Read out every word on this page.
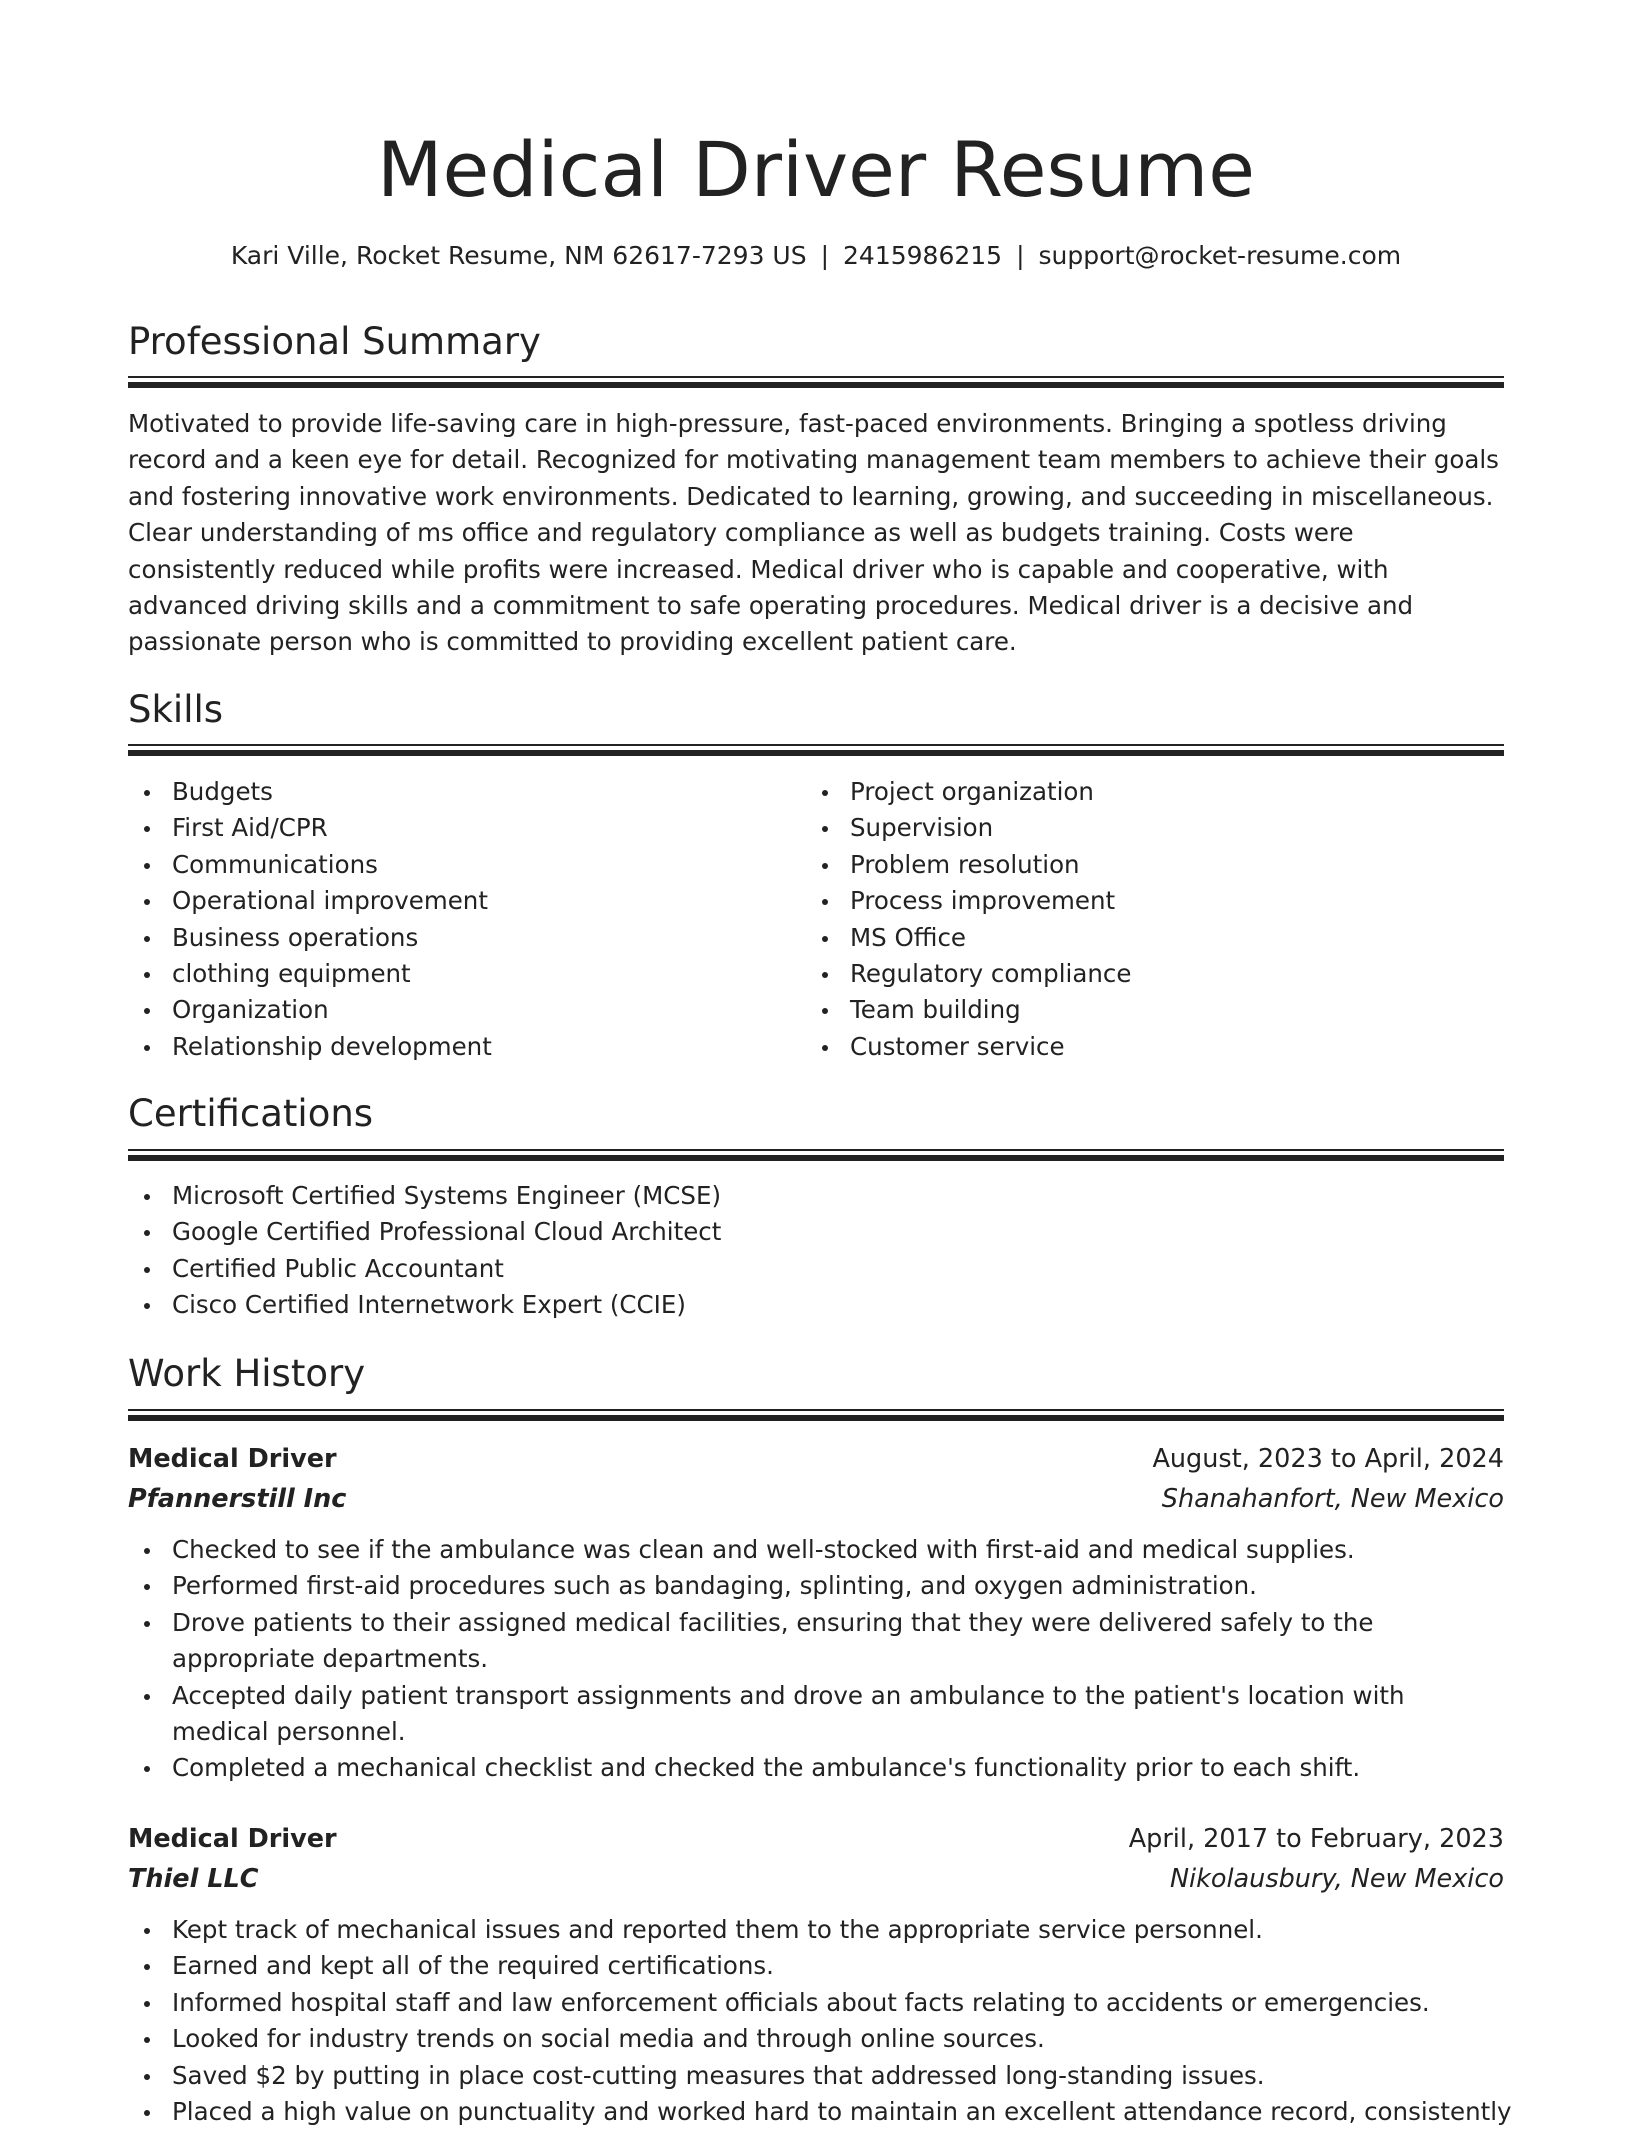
Medical Driver Resume
Kari Ville, Rocket Resume, NM 62617-7293 US | 2415986215 | support@rocket-resume.com
Professional Summary

Motivated to provide life-saving care in high-pressure, fast-paced environments. Bringing a spotless driving record and a keen eye for detail. Recognized for motivating management team members to achieve their goals and fostering innovative work environments. Dedicated to learning, growing, and succeeding in miscellaneous. Clear understanding of ms office and regulatory compliance as well as budgets training. Costs were consistently reduced while profits were increased. Medical driver who is capable and cooperative, with advanced driving skills and a commitment to safe operating procedures. Medical driver is a decisive and passionate person who is committed to providing excellent patient care.

Skills
Budgets
First Aid/CPR
Communications
Operational improvement
Business operations
clothing equipment
Organization
Relationship development
Project organization
Supervision
Problem resolution
Process improvement
MS Office
Regulatory compliance
Team building
Customer service
Certifications
Microsoft Certified Systems Engineer (MCSE)
Google Certified Professional Cloud Architect
Certified Public Accountant
Cisco Certified Internetwork Expert (CCIE)
Work History
Medical Driver	August, 2023 to April, 2024
Pfannerstill Inc	Shanahanfort, New Mexico
Checked to see if the ambulance was clean and well-stocked with first-aid and medical supplies.
Performed first-aid procedures such as bandaging, splinting, and oxygen administration.
Drove patients to their assigned medical facilities, ensuring that they were delivered safely to the appropriate departments.
Accepted daily patient transport assignments and drove an ambulance to the patient's location with medical personnel.
Completed a mechanical checklist and checked the ambulance's functionality prior to each shift.
Medical Driver	April, 2017 to February, 2023
Thiel LLC	Nikolausbury, New Mexico
Kept track of mechanical issues and reported them to the appropriate service personnel.
Earned and kept all of the required certifications.
Informed hospital staff and law enforcement officials about facts relating to accidents or emergencies.
Looked for industry trends on social media and through online sources.
Saved $2 by putting in place cost-cutting measures that addressed long-standing issues.
Placed a high value on punctuality and worked hard to maintain an excellent attendance record, consistently
